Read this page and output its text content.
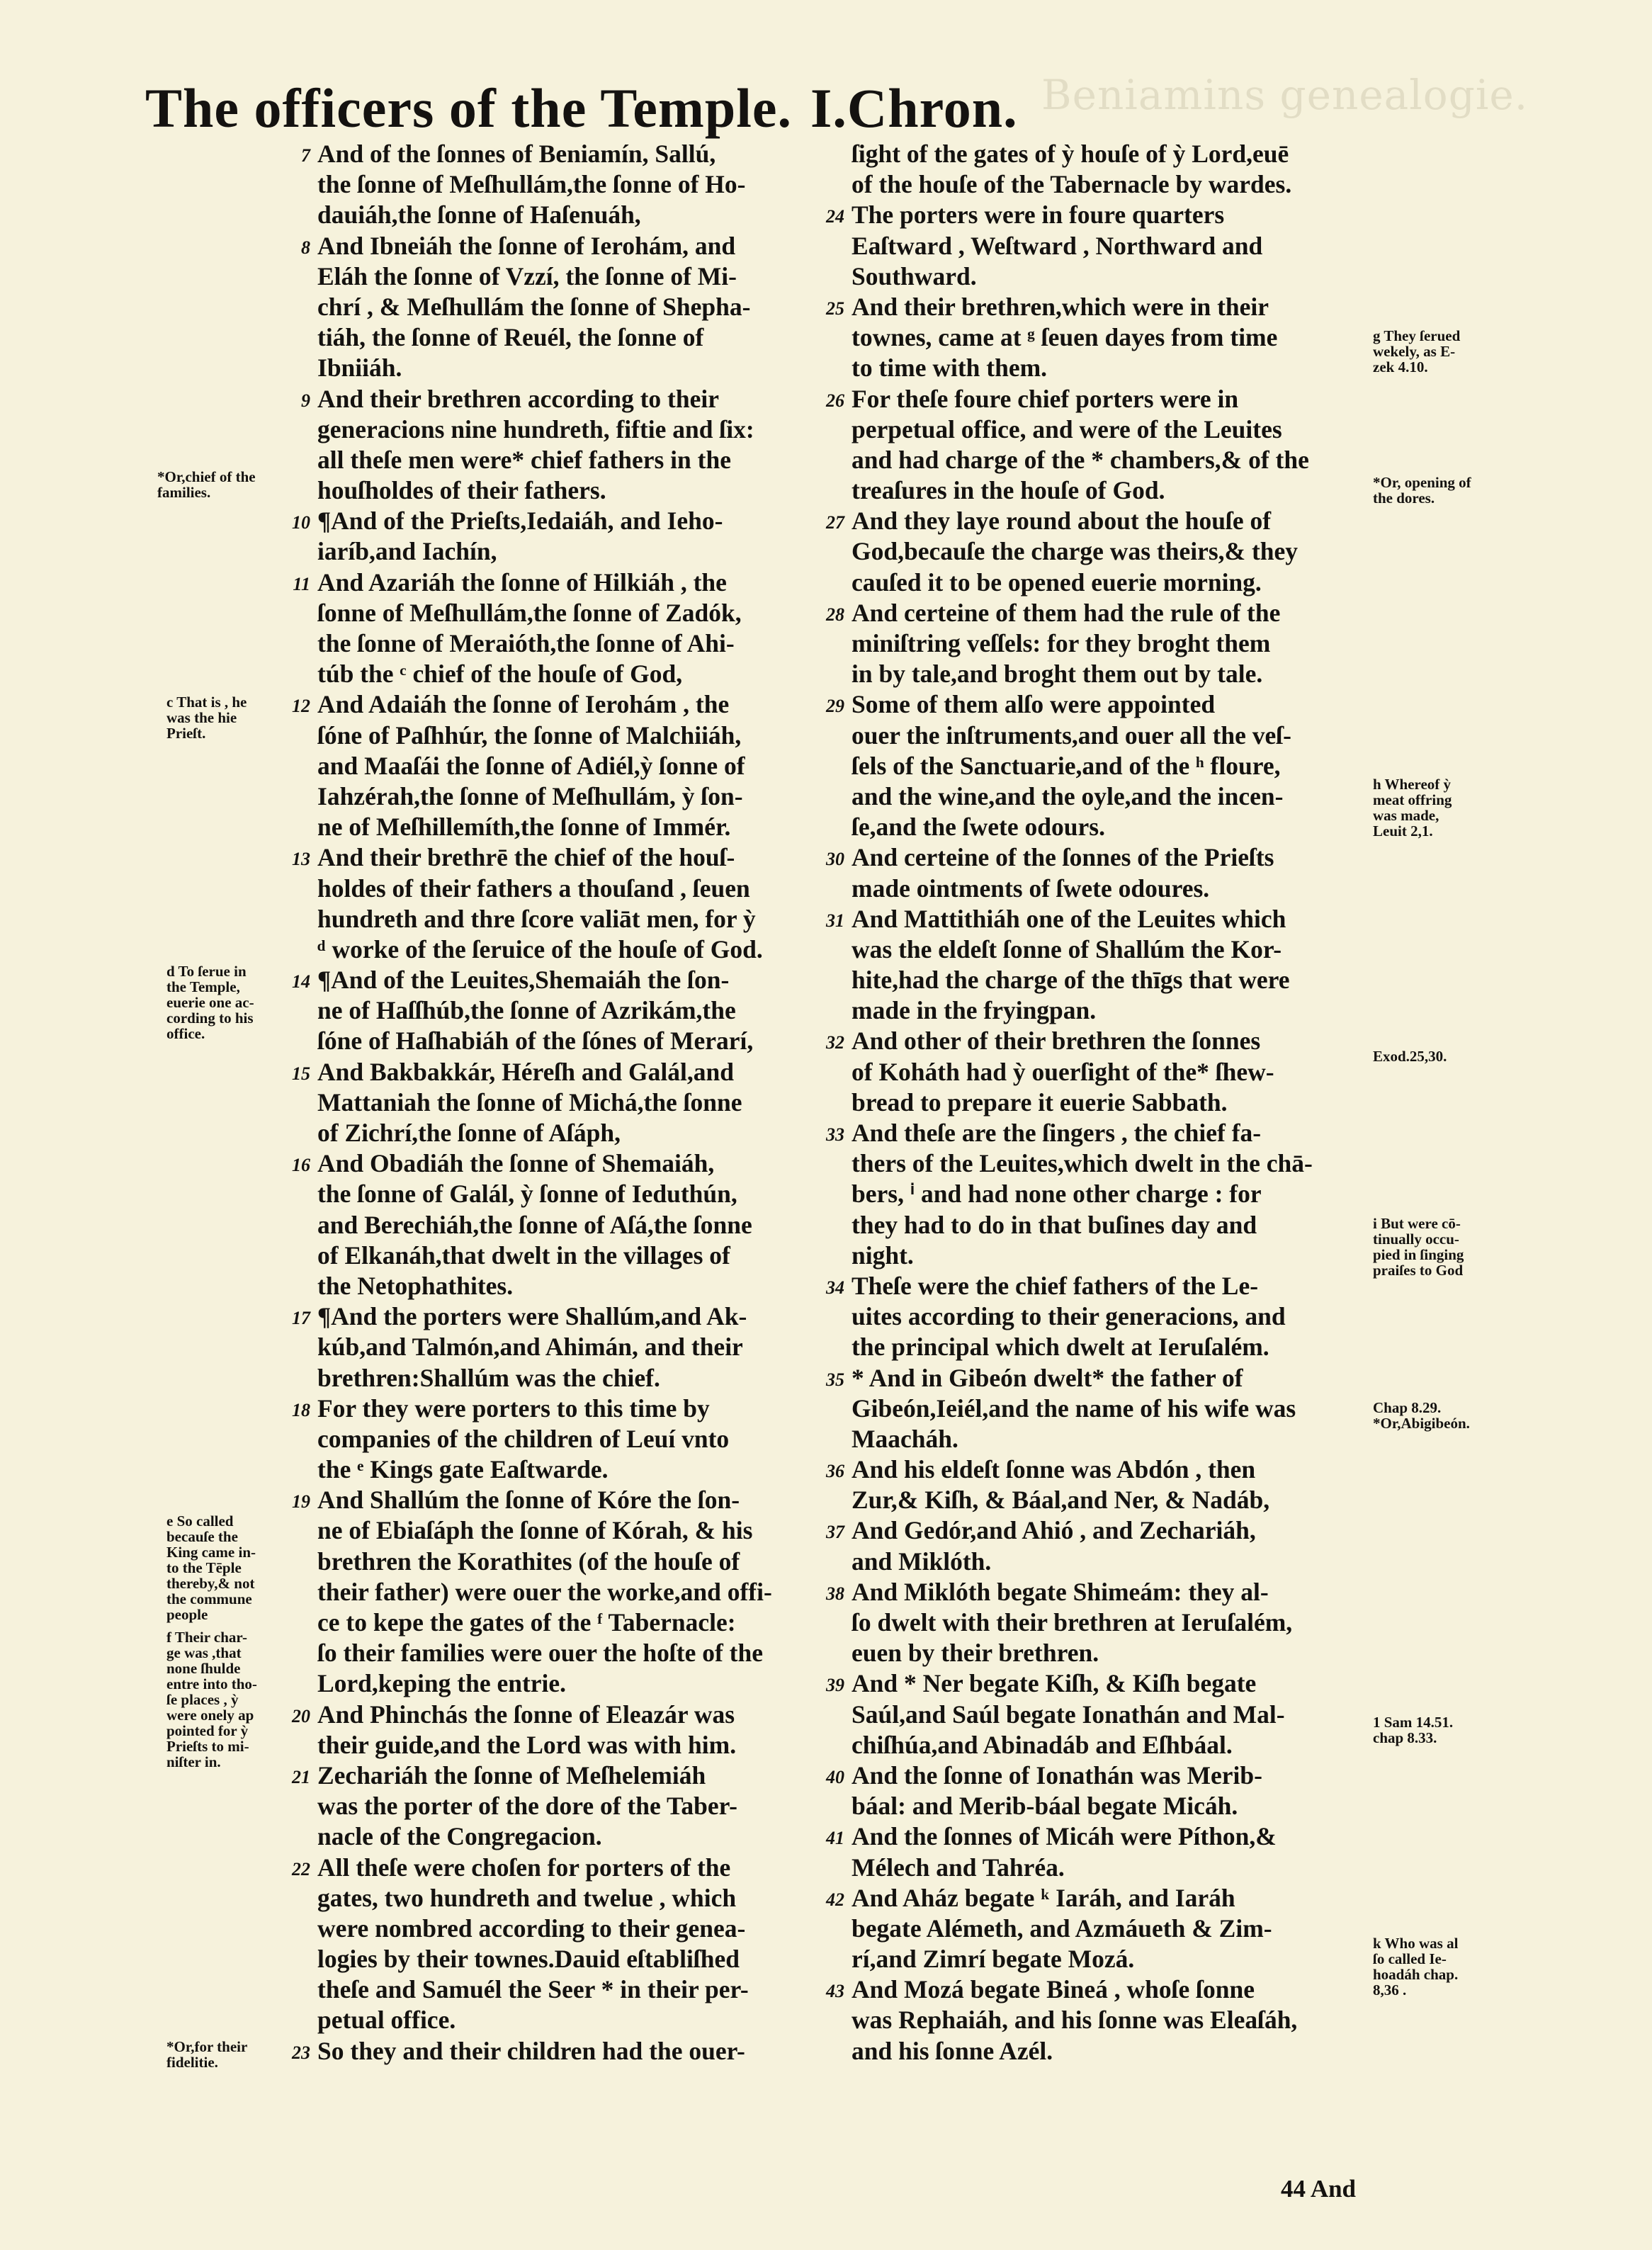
Beniamins genealogie.
The officers of the Temple. I.Chron.
7 And of the ſonnes of Beniamín, Sallú,
the ſonne of Meſhullám,the ſonne of Ho-
dauiáh,the ſonne of Haſenuáh,
8 And Ibneiáh the ſonne of Ierohám, and
Eláh the ſonne of Vzzí, the ſonne of Mi-
chrí , & Meſhullám the ſonne of Shepha-
tiáh, the ſonne of Reuél, the ſonne of
Ibniiáh.
9 And their brethren according to their
generacions nine hundreth, fiftie and ſix:
all theſe men were* chief fathers in the
houſholdes of their fathers.
10 ¶And of the Prieſts,Iedaiáh, and Ieho-
iaríb,and Iachín,
11 And Azariáh the ſonne of Hilkiáh , the
ſonne of Meſhullám,the ſonne of Zadók,
the ſonne of Meraióth,the ſonne of Ahi-
túb the ᶜ chief of the houſe of God,
12 And Adaiáh the ſonne of Ierohám , the
ſóne of Paſhhúr, the ſonne of Malchiiáh,
and Maaſái the ſonne of Adiél,ỳ ſonne of
Iahzérah,the ſonne of Meſhullám, ỳ ſon-
ne of Meſhillemíth,the ſonne of Immér.
13 And their brethrē the chief of the houſ-
holdes of their fathers a thouſand , ſeuen
hundreth and thre ſcore valiāt men, for ỳ
ᵈ worke of the ſeruice of the houſe of God.
14 ¶And of the Leuites,Shemaiáh the ſon-
ne of Haſſhúb,the ſonne of Azrikám,the
ſóne of Haſhabiáh of the ſónes of Merarí,
15 And Bakbakkár, Héreſh and Galál,and
Mattaniah the ſonne of Michá,the ſonne
of Zichrí,the ſonne of Aſáph,
16 And Obadiáh the ſonne of Shemaiáh,
the ſonne of Galál, ỳ ſonne of Ieduthún,
and Berechiáh,the ſonne of Aſá,the ſonne
of Elkanáh,that dwelt in the villages of
the Netophathites.
17 ¶And the porters were Shallúm,and Ak-
kúb,and Talmón,and Ahimán, and their
brethren:Shallúm was the chief.
18 For they were porters to this time by
companies of the children of Leuí vnto
the ᵉ Kings gate Eaſtwarde.
19 And Shallúm the ſonne of Kóre the ſon-
ne of Ebiaſáph the ſonne of Kórah, & his
brethren the Korathites (of the houſe of
their father) were ouer the worke,and offi-
ce to kepe the gates of the ᶠ Tabernacle:
ſo their families were ouer the hoſte of the
Lord,keping the entrie.
20 And Phinchás the ſonne of Eleazár was
their guide,and the Lord was with him.
21 Zechariáh the ſonne of Meſhelemiáh
was the porter of the dore of the Taber-
nacle of the Congregacion.
22 All theſe were choſen for porters of the
gates, two hundreth and twelue , which
were nombred according to their genea-
logies by their townes.Dauid eſtabliſhed
theſe and Samuél the Seer * in their per-
petual office.
23 So they and their children had the ouer-
ſight of the gates of ỳ houſe of ỳ Lord,euē
of the houſe of the Tabernacle by wardes.
24 The porters were in foure quarters
Eaſtward , Weſtward , Northward and
Southward.
25 And their brethren,which were in their
townes, came at ᵍ ſeuen dayes from time
to time with them.
26 For theſe foure chief porters were in
perpetual office, and were of the Leuites
and had charge of the * chambers,& of the
treaſures in the houſe of God.
27 And they laye round about the houſe of
God,becauſe the charge was theirs,& they
cauſed it to be opened euerie morning.
28 And certeine of them had the rule of the
miniſtring veſſels: for they broght them
in by tale,and broght them out by tale.
29 Some of them alſo were appointed
ouer the inſtruments,and ouer all the veſ-
ſels of the Sanctuarie,and of the ʰ floure,
and the wine,and the oyle,and the incen-
ſe,and the ſwete odours.
30 And certeine of the ſonnes of the Prieſts
made ointments of ſwete odoures.
31 And Mattithiáh one of the Leuites which
was the eldeſt ſonne of Shallúm the Kor-
hite,had the charge of the thīgs that were
made in the fryingpan.
32 And other of their brethren the ſonnes
of Koháth had ỳ ouerſight of the* ſhew-
bread to prepare it euerie Sabbath.
33 And theſe are the ſingers , the chief fa-
thers of the Leuites,which dwelt in the chā-
bers, ⁱ and had none other charge : for
they had to do in that buſines day and
night.
34 Theſe were the chief fathers of the Le-
uites according to their generacions, and
the principal which dwelt at Ieruſalém.
35 * And in Gibeón dwelt* the father of
Gibeón,Ieiél,and the name of his wife was
Maacháh.
36 And his eldeſt ſonne was Abdón , then
Zur,& Kiſh, & Báal,and Ner, & Nadáb,
37 And Gedór,and Ahió , and Zechariáh,
and Miklóth.
38 And Miklóth begate Shimeám: they al-
ſo dwelt with their brethren at Ieruſalém,
euen by their brethren.
39 And * Ner begate Kiſh, & Kiſh begate
Saúl,and Saúl begate Ionathán and Mal-
chiſhúa,and Abinadáb and Eſhbáal.
40 And the ſonne of Ionathán was Merib-
báal: and Merib-báal begate Micáh.
41 And the ſonnes of Micáh were Píthon,&
Mélech and Tahréa.
42 And Aház begate ᵏ Iaráh, and Iaráh
begate Alémeth, and Azmáueth & Zim-
rí,and Zimrí begate Mozá.
43 And Mozá begate Bineá , whoſe ſonne
was Rephaiáh, and his ſonne was Eleaſáh,
and his ſonne Azél.
*Or,chief of the
families.
c That is , he
was the hie
Prieſt.
d To ſerue in
the Temple,
euerie one ac-
cording to his
office.
e So called
becauſe the
King came in-
to the Tēple
thereby,& not
the commune
people
f Their char-
ge was ,that
none ſhulde
entre into tho-
ſe places , ỳ
were onely ap
pointed for ỳ
Prieſts to mi-
niſter in.
*Or,for their
fidelitie.
g They ſerued
wekely, as E-
zek 4.10.
*Or, opening of
the dores.
h Whereof ỳ
meat offring
was made,
Leuit 2,1.
Exod.25,30.
i But were cō-
tinually occu-
pied in ſinging
praiſes to God
Chap 8.29.
*Or,Abigibeón.
1 Sam 14.51.
chap 8.33.
k Who was al
ſo called Ie-
hoadáh chap.
8,36 .
44 And
